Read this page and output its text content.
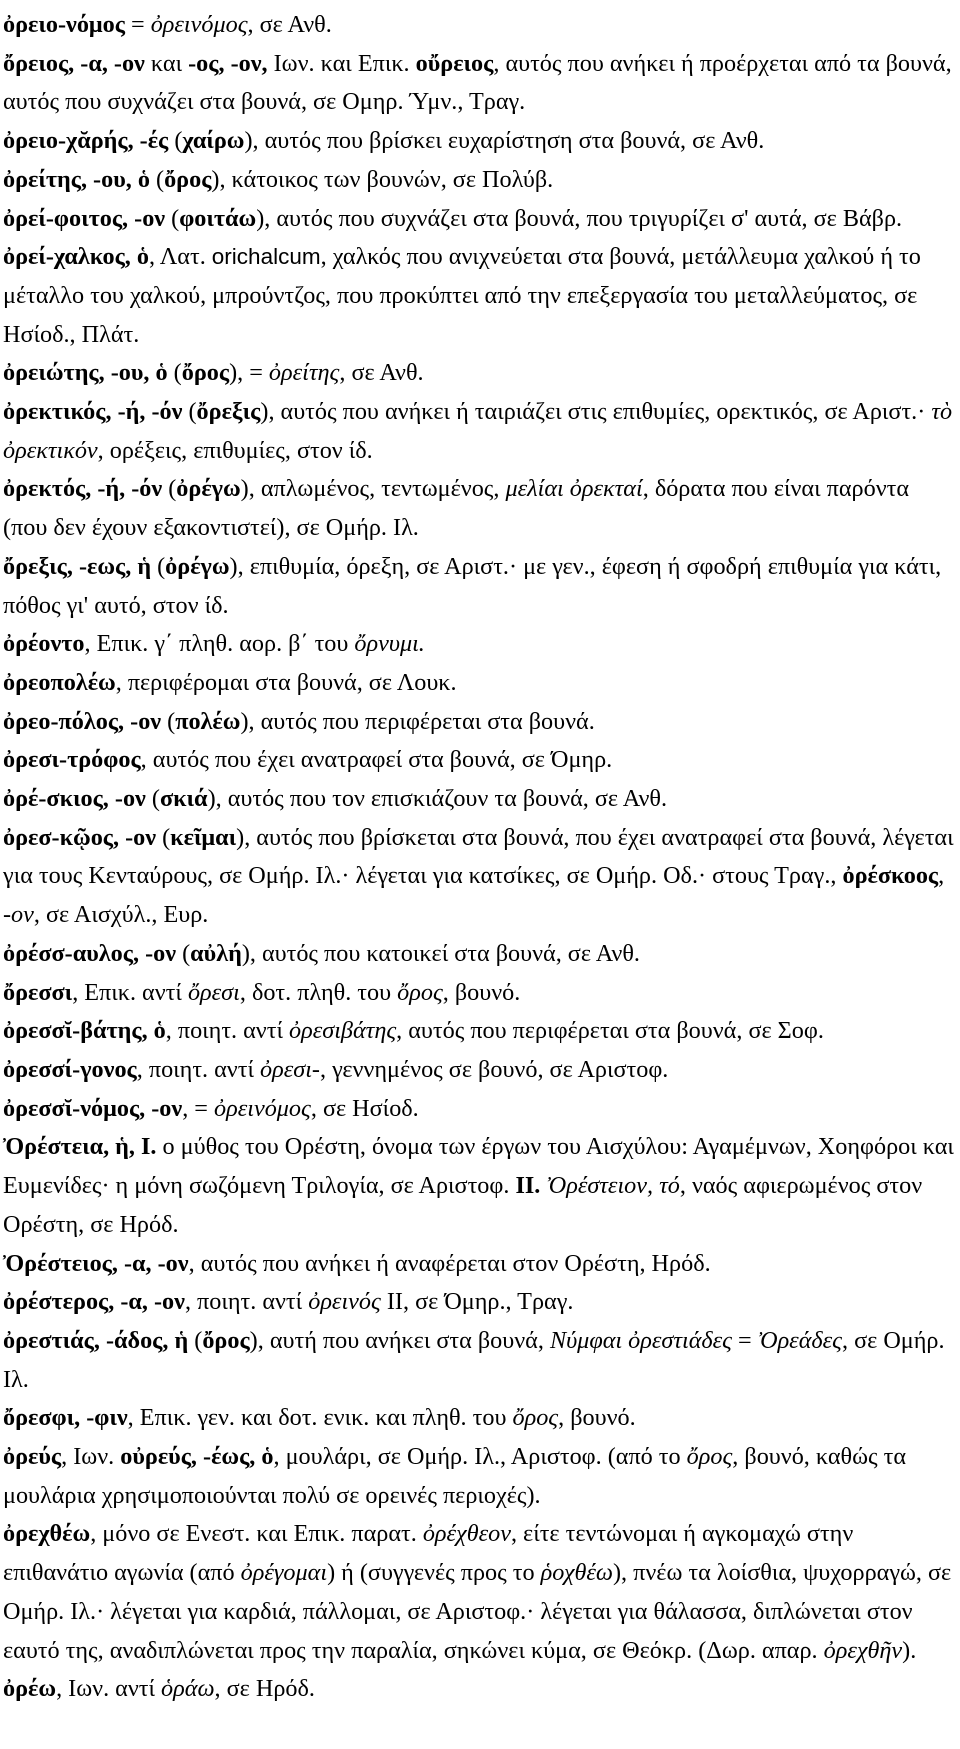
ὀρειο-νόμος = ὀρεινόμος, σε Ανθ.

ὄρειος, -α, -ον και -ος, -ον, Ιων. και Επικ. οὔρειος, αυτός που ανήκει ή προέρχεται από τα βουνά, αυτός που συχνάζει στα βουνά, σε Ομηρ. Ύμν., Τραγ.

ὀρειο-χᾰρής, -ές (χαίρω), αυτός που βρίσκει ευχαρίστηση στα βουνά, σε Ανθ.

ὀρείτης, -ου, ὁ (ὄρος), κάτοικος των βουνών, σε Πολύβ.

ὀρεί-φοιτος, -ον (φοιτάω), αυτός που συχνάζει στα βουνά, που τριγυρίζει σ' αυτά, σε Βάβρ.

ὀρεί-χαλκος, ὁ, Λατ. orichalcum, χαλκός που ανιχνεύεται στα βουνά, μετάλλευμα χαλκού ή το μέταλλο του χαλκού, μπρούντζος, που προκύπτει από την επεξεργασία του μεταλλεύματος, σε Ησίοδ., Πλάτ.

ὀρειώτης, -ου, ὁ (ὄρος), = ὀρείτης, σε Ανθ.

ὀρεκτικός, -ή, -όν (ὄρεξις), αυτός που ανήκει ή ταιριάζει στις επιθυμίες, ορεκτικός, σε Αριστ.· τὸ ὀρεκτικόν, ορέξεις, επιθυμίες, στον ίδ.

ὀρεκτός, -ή, -όν (ὀρέγω), απλωμένος, τεντωμένος, μελίαι ὀρεκταί, δόρατα που είναι παρόντα (που δεν έχουν εξακοντιστεί), σε Ομήρ. Ιλ.

ὄρεξις, -εως, ἡ (ὀρέγω), επιθυμία, όρεξη, σε Αριστ.· με γεν., έφεση ή σφοδρή επιθυμία για κάτι, πόθος γι' αυτό, στον ίδ.

ὀρέοντο, Επικ. γ΄ πληθ. αορ. β΄ του ὄρνυμι.

ὀρεοπολέω, περιφέρομαι στα βουνά, σε Λουκ.

ὀρεο-πόλος, -ον (πολέω), αυτός που περιφέρεται στα βουνά.

ὀρεσι-τρόφος, αυτός που έχει ανατραφεί στα βουνά, σε Όμηρ.

ὀρέ-σκιος, -ον (σκιά), αυτός που τον επισκιάζουν τα βουνά, σε Ανθ.

ὀρεσ-κῷος, -ον (κεῖμαι), αυτός που βρίσκεται στα βουνά, που έχει ανατραφεί στα βουνά, λέγεται για τους Κενταύρους, σε Ομήρ. Ιλ.· λέγεται για κατσίκες, σε Ομήρ. Οδ.· στους Τραγ., ὀρέσκοος, -ον, σε Αισχύλ., Ευρ.

ὀρέσσ-αυλος, -ον (αὐλή), αυτός που κατοικεί στα βουνά, σε Ανθ.

ὄρεσσι, Επικ. αντί ὄρεσι, δοτ. πληθ. του ὄρος, βουνό.

ὀρεσσῐ-βάτης, ὁ, ποιητ. αντί ὀρεσιβάτης, αυτός που περιφέρεται στα βουνά, σε Σοφ.

ὀρεσσί-γονος, ποιητ. αντί ὀρεσι-, γεννημένος σε βουνό, σε Αριστοφ.

ὀρεσσῐ-νόμος, -ον, = ὀρεινόμος, σε Ησίοδ.

Ὀρέστεια, ἡ, I. ο μύθος του Ορέστη, όνομα των έργων του Αισχύλου: Αγαμέμνων, Χοηφόροι και Ευμενίδες· η μόνη σωζόμενη Τριλογία, σε Αριστοφ. II. Ὀρέστειον, τό, ναός αφιερωμένος στον Ορέστη, σε Ηρόδ.

Ὀρέστειος, -α, -ον, αυτός που ανήκει ή αναφέρεται στον Ορέστη, Ηρόδ.

ὀρέστερος, -α, -ον, ποιητ. αντί ὀρεινός II, σε Όμηρ., Τραγ.

ὀρεστιάς, -άδος, ἡ (ὄρος), αυτή που ανήκει στα βουνά, Νύμφαι ὀρεστιάδες = Ὀρεάδες, σε Ομήρ. Ιλ.

ὄρεσφι, -φιν, Επικ. γεν. και δοτ. ενικ. και πληθ. του ὄρος, βουνό.

ὀρεύς, Ιων. οὐρεύς, -έως, ὁ, μουλάρι, σε Ομήρ. Ιλ., Αριστοφ. (από το ὄρος, βουνό, καθώς τα μουλάρια χρησιμοποιούνται πολύ σε ορεινές περιοχές).

ὀρεχθέω, μόνο σε Ενεστ. και Επικ. παρατ. ὀρέχθεον, είτε τεντώνομαι ή αγκομαχώ στην επιθανάτιο αγωνία (από ὀρέγομαι) ή (συγγενές προς το ῥοχθέω), πνέω τα λοίσθια, ψυχορραγώ, σε Ομήρ. Ιλ.· λέγεται για καρδιά, πάλλομαι, σε Αριστοφ.· λέγεται για θάλασσα, διπλώνεται στον εαυτό της, αναδιπλώνεται προς την παραλία, σηκώνει κύμα, σε Θεόκρ. (Δωρ. απαρ. ὀρεχθῆν).

ὀρέω, Ιων. αντί ὁράω, σε Ηρόδ.
